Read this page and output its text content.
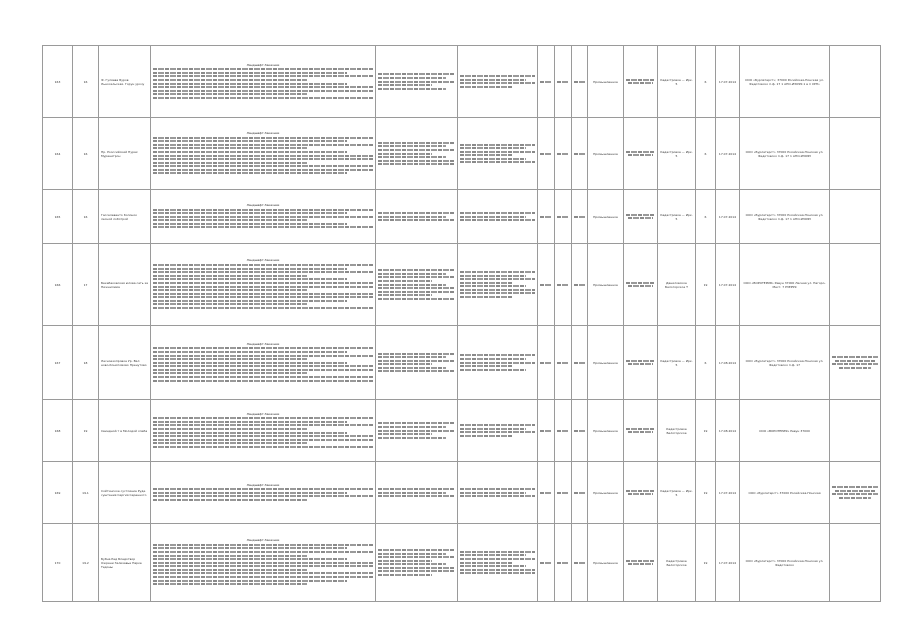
163	16	Ф. Гуляева Буров Льносельская. Горун урочу	Ландшафт-Заказник						Промышленное		Кадастровое — Ирк. 5	6	17.07.2014	ООО «Бурлатерст»; 37000 Росийская-Нонская ул. Федотовско п.ф. 17 1 АНО-ИЗОЯУ-1 в п ХРП»	
164	16	Пр. Рооссийский Пурах Муранитрон	Ландшафт-Заказник						Промышленное		Кадастровое — Ирк. 5	6	17.07.2014	ООО «Бурлатерст» 37000 Росийская-Нонская ул. Федотовско п.ф. 17 1 АНО-ИЗОЯУ	
165	16	Гасселевенто Колонок лесной лоботрой	Ландшафт-Заказник						Промышленное		Кадастровое — Ирк. 5	6	17.07.2014	ООО «Бурлатерст» 37000 Росийская-Нонская ул. Федотовско п.ф. 17 1 АНО-ИЗОЯУ	
166	17	Бекебаковская юлова сеть за Нижнилима	Ландшафт-Заказник						Промышленное		Даниловское Белогорское Т	19	17.07.2014	ООО «ВОРОТЕРИЯ» Ревун 37000 Лесная ул. Нагоро-Мест. 7 РЗЕРУЯ	
167	18	Лесноезопровое Ур. Вал ново-Конопомово Пренутово	Ландшафт-Заказник						Промышленное		Кадастровое — Ирк. 5	6	17.08.2014	ООО «Бурлатерст» 37000 Росийская-Нонская ул. Федотовско п.ф. 17	

168	19	Свиндной т в Молодой хлеба	Ландшафт-Заказник						Промышленное		Кадастровое Белогорское	19	17.08.2014	ООО «ВОРОТЕРИЯ» Ревун 37000	
169	19.1	Сойтинское сустояние Руде суштания Сергия Серенного	Ландшафт-Заказник						Промышленное		Кадастровое — Ирк. 5	19	17.07.2014	ООО «Бурлатерст» 37000 Росийская-Нонская	

170	19.2	Бубна Ред Бледотвор Ожрени Зализавье Парке Тедоны	Ландшафт-Заказник						Промышленное		Кадастровое Белогорское	19	17.07.2014	ООО «Бурлатерст» 37000 Росийская-Нонская ул. Федотовско	
